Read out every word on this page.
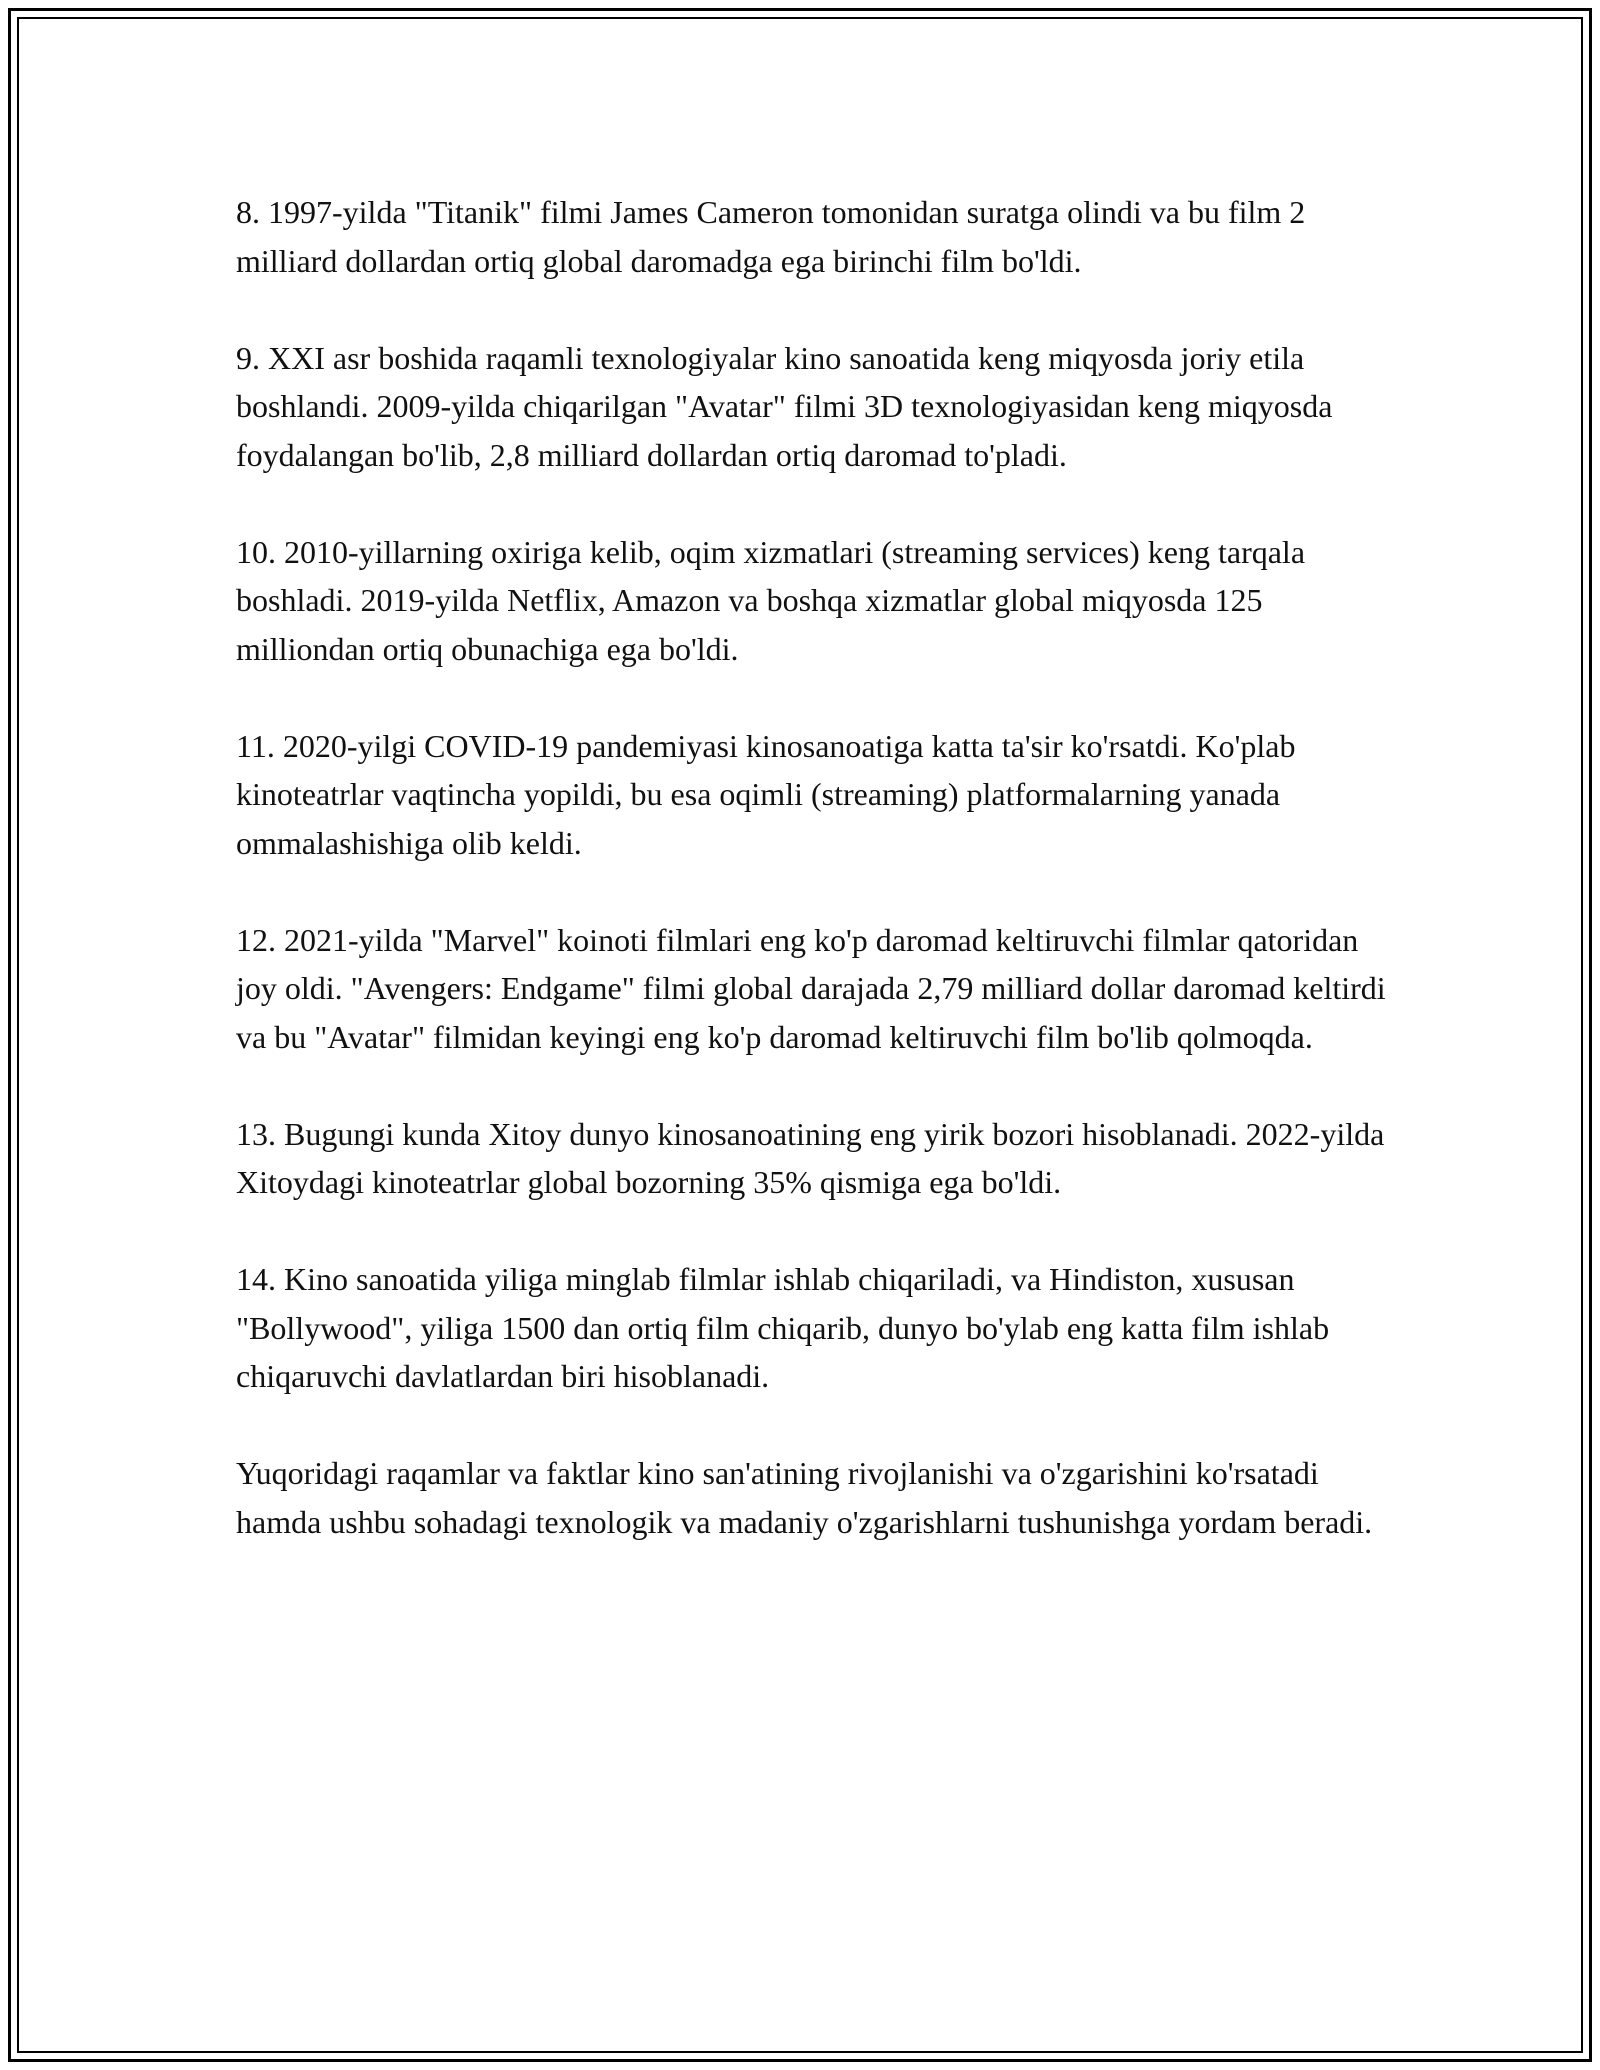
8. 1997-yilda "Titanik" filmi James Cameron tomonidan suratga olindi va bu film 2 milliard dollardan ortiq global daromadga ega birinchi film bo'ldi.

9. XXI asr boshida raqamli texnologiyalar kino sanoatida keng miqyosda joriy etila boshlandi. 2009-yilda chiqarilgan "Avatar" filmi 3D texnologiyasidan keng miqyosda foydalangan bo'lib, 2,8 milliard dollardan ortiq daromad to'pladi.

10. 2010-yillarning oxiriga kelib, oqim xizmatlari (streaming services) keng tarqala boshladi. 2019-yilda Netflix, Amazon va boshqa xizmatlar global miqyosda 125 milliondan ortiq obunachiga ega bo'ldi.

11. 2020-yilgi COVID-19 pandemiyasi kinosanoatiga katta ta'sir ko'rsatdi. Ko'plab kinoteatrlar vaqtincha yopildi, bu esa oqimli (streaming) platformalarning yanada ommalashishiga olib keldi.

12. 2021-yilda "Marvel" koinoti filmlari eng ko'p daromad keltiruvchi filmlar qatoridan joy oldi. "Avengers: Endgame" filmi global darajada 2,79 milliard dollar daromad keltirdi va bu "Avatar" filmidan keyingi eng ko'p daromad keltiruvchi film bo'lib qolmoqda.

13. Bugungi kunda Xitoy dunyo kinosanoatining eng yirik bozori hisoblanadi. 2022-yilda Xitoydagi kinoteatrlar global bozorning 35% qismiga ega bo'ldi.

14. Kino sanoatida yiliga minglab filmlar ishlab chiqariladi, va Hindiston, xususan "Bollywood", yiliga 1500 dan ortiq film chiqarib, dunyo bo'ylab eng katta film ishlab chiqaruvchi davlatlardan biri hisoblanadi.

Yuqoridagi raqamlar va faktlar kino san'atining rivojlanishi va o'zgarishini ko'rsatadi hamda ushbu sohadagi texnologik va madaniy o'zgarishlarni tushunishga yordam beradi.
